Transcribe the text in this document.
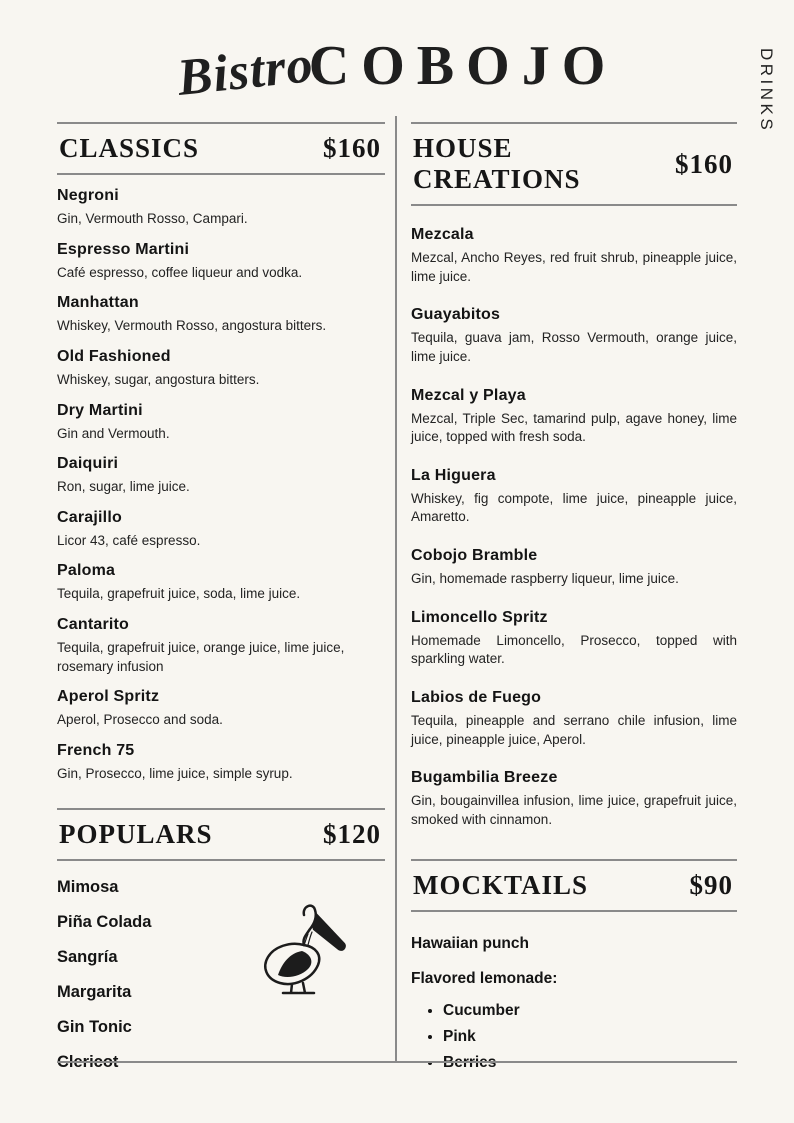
BistroCOBOJO	DRINKS
CLASSICS	$160
Negroni
Gin, Vermouth Rosso, Campari.
Espresso Martini
Café espresso, coffee liqueur and vodka.
Manhattan
Whiskey, Vermouth Rosso, angostura bitters.
Old Fashioned
Whiskey, sugar, angostura bitters.
Dry Martini
Gin and Vermouth.
Daiquiri
Ron, sugar, lime juice.
Carajillo
Licor 43, café espresso.
Paloma
Tequila, grapefruit juice, soda, lime juice.
Cantarito
Tequila, grapefruit juice, orange juice, lime juice, rosemary infusion
Aperol Spritz
Aperol, Prosecco and soda.
French 75
Gin, Prosecco, lime juice, simple syrup.
POPULARS	$120
Mimosa
Piña Colada
Sangría
Margarita
Gin Tonic
Clericot
HOUSE CREATIONS
$160
Mezcala
Mezcal, Ancho Reyes, red fruit shrub, pineapple juice, lime juice.
Guayabitos
Tequila, guava jam, Rosso Vermouth, orange juice, lime juice.
Mezcal y Playa
Mezcal, Triple Sec, tamarind pulp, agave honey, lime juice, topped with fresh soda.
La Higuera
Whiskey, fig compote, lime juice, pineapple juice, Amaretto.
Cobojo Bramble
Gin, homemade raspberry liqueur, lime juice.
Limoncello Spritz
Homemade Limoncello, Prosecco, topped with sparkling water.
Labios de Fuego
Tequila, pineapple and serrano chile infusion, lime juice, pineapple juice, Aperol.
Bugambilia Breeze
Gin, bougainvillea infusion, lime juice, grapefruit juice, smoked with cinnamon.
MOCKTAILS	$90
Hawaiian punch
Flavored lemonade:
• Cucumber
• Pink
• Berries
